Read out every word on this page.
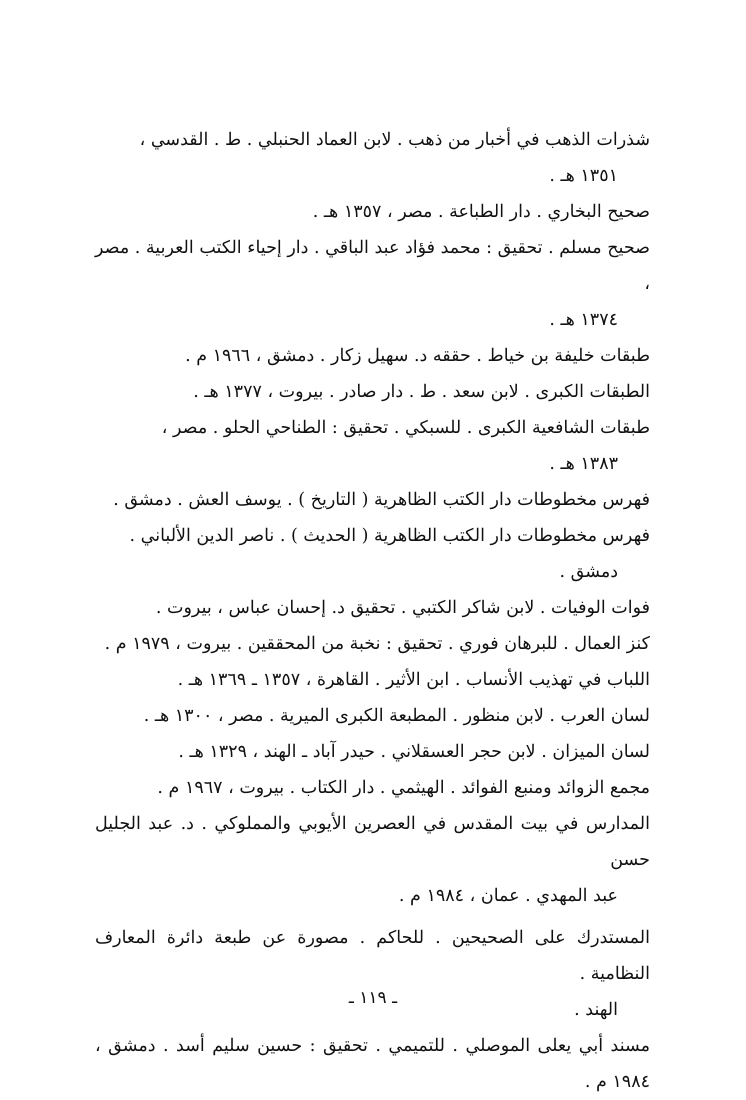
شذرات الذهب في أخبار من ذهب . لابن العماد الحنبلي . ط . القدسي ،
١٣٥١ هـ .
صحيح البخاري . دار الطباعة . مصر ، ١٣٥٧ هـ .
صحيح مسلم . تحقيق : محمد فؤاد عبد الباقي . دار إحياء الكتب العربية . مصر ،
١٣٧٤ هـ .
طبقات خليفة بن خياط . حققه د. سهيل زكار . دمشق ، ١٩٦٦ م .
الطبقات الكبرى . لابن سعد . ط . دار صادر . بيروت ، ١٣٧٧ هـ .
طبقات الشافعية الكبرى . للسبكي . تحقيق : الطناحي الحلو . مصر ،
١٣٨٣ هـ .
فهرس مخطوطات دار الكتب الظاهرية ( التاريخ ) . يوسف العش . دمشق .
فهرس مخطوطات دار الكتب الظاهرية ( الحديث ) . ناصر الدين الألباني .
دمشق .
فوات الوفيات . لابن شاكر الكتبي . تحقيق د. إحسان عباس ، بيروت .
كنز العمال . للبرهان فوري . تحقيق : نخبة من المحققين . بيروت ، ١٩٧٩ م .
اللباب في تهذيب الأنساب . ابن الأثير . القاهرة ، ١٣٥٧ ـ ١٣٦٩ هـ .
لسان العرب . لابن منظور . المطبعة الكبرى الميرية . مصر ، ١٣٠٠ هـ .
لسان الميزان . لابن حجر العسقلاني . حيدر آباد ـ الهند ، ١٣٢٩ هـ .
مجمع الزوائد ومنبع الفوائد . الهيثمي . دار الكتاب . بيروت ، ١٩٦٧ م .
المدارس في بيت المقدس في العصرين الأيوبي والمملوكي . د. عبد الجليل حسن
عبد المهدي . عمان ، ١٩٨٤ م .
المستدرك على الصحيحين . للحاكم . مصورة عن طبعة دائرة المعارف النظامية .
الهند .
مسند أبي يعلى الموصلي . للتميمي . تحقيق : حسين سليم أسد . دمشق ، ١٩٨٤ م .
ـ ١١٩ ـ
